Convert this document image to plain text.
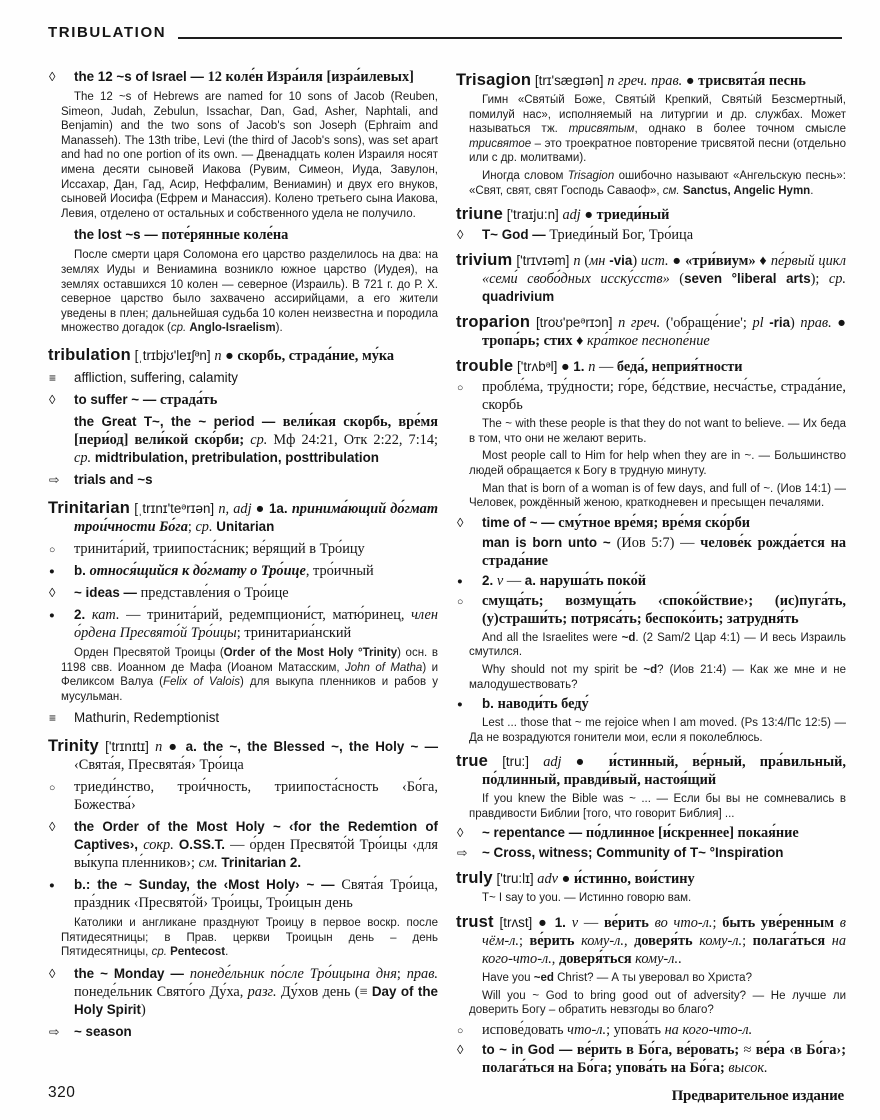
TRIBULATION
◊	the 12 ~s of Israel — 12 коле́н Изра́иля [изра́илевых]
The 12 ~s of Hebrews are named for 10 sons of Jacob (Reuben, Simeon, Judah, Zebulun, Issachar, Dan, Gad, Asher, Naphtali, and Benjamin) and the two sons of Jacob's son Joseph (Ephraim and Manasseh). The 13th tribe, Levi (the third of Jacob's sons), was set apart and had no one portion of its own. — Двенадцать колен Израиля носят имена десяти сыновей Иакова (Рувим, Симеон, Иуда, Завулон, Иссахар, Дан, Гад, Асир, Неффалим, Вениамин) и двух его внуков, сыновей Иосифа (Ефрем и Манассия). Колено третьего сына Иакова, Левия, отделено от остальных и собственного удела не получило.
the lost ~s — поте́рянные коле́на
После смерти царя Соломона его царство разделилось на два: на землях Иуды и Вениамина возникло южное царство (Иудея), на землях оставшихся 10 колен — северное (Израиль). В 721 г. до Р. Х. северное царство было захвачено ассирийцами, а его жители уведены в плен; дальнейшая судьба 10 колен неизвестна и породила множество догадок (ср. Anglo-Israelism).
tribulation [ˌtrɪbjʊ'leɪʃᵊn] n ● скорбь, страда́ние, му́ка
≡	affliction, suffering, calamity
◊	to suffer ~ — страда́ть
the Great T~, the ~ period — вели́кая скорбь, вре́мя [пери́од] вели́кой ско́рби; ср. Мф 24:21, Отк 2:22, 7:14; ср. midtribulation, pretribulation, posttribulation
⇨	trials and ~s
Trinitarian [ˌtrɪnɪ'teᵊrɪən] n, adj ● 1a. принима́ющий до́гмат трои́чности Бо́га; ср. Unitarian
○	тринита́рий, триипоста́сник; ве́рящий в Тро́ицу
●	b. относя́щийся к до́гмату о Тро́ице, тро́ичный
◊	~ ideas — представле́ния о Тро́ице
●	2. кат. — тринита́рий, редемпциони́ст, матю́ринец, член о́рдена Пресвято́й Тро́ицы; тринитариа́нский
Орден Пресвятой Троицы (Order of the Most Holy °Trinity) осн. в 1198 свв. Иоанном де Мафа (Иоаном Матасским, John of Matha) и Феликсом Валуа (Felix of Valois) для выкупа пленников и рабов у мусульман.
≡	Mathurin, Redemptionist
Trinity ['trɪnɪtɪ] n ● a. the ~, the Blessed ~, the Holy ~ — ‹Свята́я, Пресвята́я› Тро́ица
○	триеди́нство, трои́чность, триипоста́сность ‹Бо́га, Божества́›
◊	the Order of the Most Holy ~ ‹for the Redemtion of Captives›, сокр. O.SS.T. — о́рден Пресвято́й Тро́ицы ‹для вы́купа пле́нников›; см. Trinitarian 2.
●	b.: the ~ Sunday, the ‹Most Holy› ~ — Свята́я Тро́ица, пра́здник ‹Пресвято́й› Тро́ицы, Тро́ицын день
Католики и англикане празднуют Троицу в первое воскр. после Пятидесятницы; в Прав. церкви Троицын день – день Пятидесятницы, ср. Pentecost.
◊	the ~ Monday — понеде́льник по́сле Тро́ицына дня; прав. понеде́льник Свято́го Ду́ха, разг. Ду́хов день (≡ Day of the Holy Spirit)
⇨	~ season
Trisagion [trɪ'sægɪən] n греч. прав. ● трисвята́я песнь
Гимн «Святы́й Боже, Святы́й Крепкий, Святы́й Безсмертный, помилуй нас», исполняемый на литургии и др. службах. Может называться тж. трисвятым, однако в более точном смысле трисвятое – это троекратное повторение трисвятой песни (отдельно или с др. молитвами).
Иногда словом Trisagion ошибочно называют «Ангельскую песнь»: «Свят, свят, свят Господь Саваоф», см. Sanctus, Angelic Hymn.
triune ['traɪju:n] adj ● триеди́ный
◊	T~ God — Триеди́ный Бог, Тро́ица
trivium ['trɪvɪəm] n (мн -via) ист. ● «три́виум» ♦ пе́рвый цикл «семи́ свобо́дных исску́сств» (seven °liberal arts); ср. quadrivium
troparion [troʊ'peᵊrɪɔn] n греч. ('обраще́ние'; pl -ria) прав. ● тропа́рь; стих ♦ кра́ткое песнопе́ние
trouble ['trʌbᵊl] ● 1. n — беда́, неприя́тности
○	пробле́ма, тру́дности; го́ре, бе́дствие, несча́стье, страда́ние, скорбь
The ~ with these people is that they do not want to believe. — Их беда в том, что они не желают верить.
Most people call to Him for help when they are in ~. — Большинство людей обращается к Богу в трудную минуту.
Man that is born of a woman is of few days, and full of ~. (Иов 14:1) — Человек, рождённый женою, краткодневен и пресыщен печалями.
◊	time of ~ — сму́тное вре́мя; вре́мя ско́рби
man is born unto ~ (Иов 5:7) — челове́к рожда́ется на страда́ние
●	2. v — a. наруша́ть поко́й
○	смуща́ть; возмуща́ть ‹споко́йствие›; (ис)пуга́ть, (у)страши́ть; потряса́ть; беспоко́ить; затрудня́ть
And all the Israelites were ~d. (2 Sam/2 Цар 4:1) — И весь Израиль смутился.
Why should not my spirit be ~d? (Иов 21:4) — Как же мне и не малодушествовать?
●	b. наводи́ть беду́
Lest ... those that ~ me rejoice when I am moved. (Ps 13:4/Пс 12:5) — Да не возрадуются гонители мои, если я поколеблюсь.
true [tru:] adj ● и́стинный, ве́рный, пра́вильный, по́длинный, правди́вый, настоя́щий
If you knew the Bible was ~ ... — Если бы вы не сомневались в правдивости Библии [того, что говорит Библия] ...
◊	~ repentance — по́длинное [и́скреннее] покая́ние
⇨	~ Cross, witness; Community of T~ °Inspiration
truly ['tru:lɪ] adv ● и́стинно, вои́стину
T~ I say to you. — Истинно говорю вам.
trust [trʌst] ● 1. v — ве́рить во что-л.; быть уве́ренным в чём-л.; ве́рить кому-л., доверя́ть кому-л.; полага́ться на кого-что-л., доверя́ться кому-л..
Have you ~ed Christ? — А ты уверовал во Христа?
Will you ~ God to bring good out of adversity? — Не лучше ли доверить Богу – обратить невзгоды во благо?
○	испове́довать что-л.; упова́ть на кого-что-л.
◊	to ~ in God — ве́рить в Бо́га, ве́ровать; ≈ ве́ра ‹в Бо́га›; полага́ться на Бо́га; упова́ть на Бо́га; высок.
320	Предварительное издание
